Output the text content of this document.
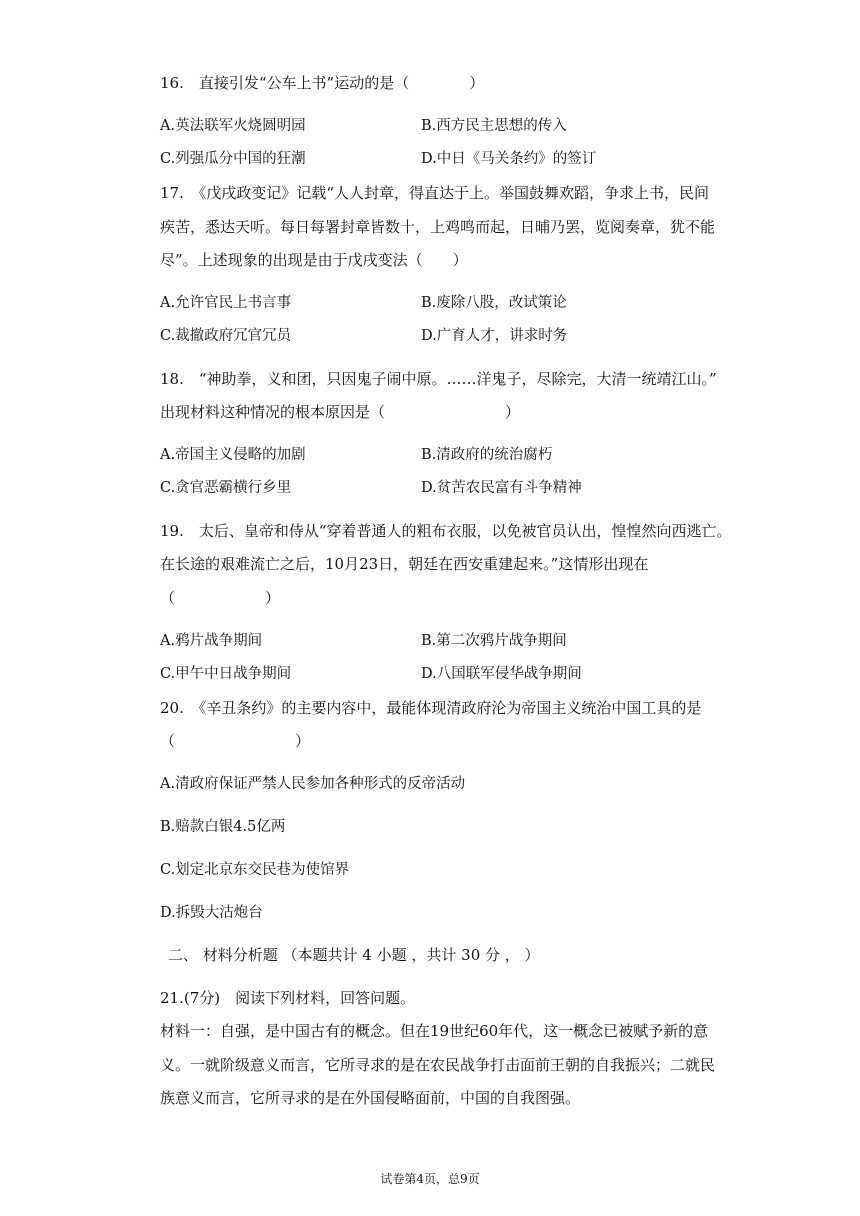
16.　直接引发“公车上书”运动的是（　　　　）
A.英法联军火烧圆明园	B.西方民主思想的传入
C.列强瓜分中国的狂潮	D.中日《马关条约》的签订
17.　《戊戌政变记》记载“人人封章，得直达于上。举国鼓舞欢蹈，争求上书，民间
疾苦，悉达天听。每日每署封章皆数十，上鸡鸣而起，日晡乃罢，览阅奏章，犹不能
尽”。上述现象的出现是由于戊戌变法（　　）
A.允许官民上书言事	B.废除八股，改试策论
C.裁撤政府冗官冗员	D.广育人才，讲求时务
18.　“神助拳，义和团，只因鬼子闹中原。……洋鬼子，尽除完，大清一统靖江山。”
出现材料这种情况的根本原因是（　　　　　　　　）
A.帝国主义侵略的加剧	B.清政府的统治腐朽
C.贪官恶霸横行乡里	D.贫苦农民富有斗争精神
19.　太后、皇帝和侍从“穿着普通人的粗布衣服，以免被官员认出，惶惶然向西逃亡。
在长途的艰难流亡之后，10月23日，朝廷在西安重建起来。”这情形出现在
（　　　　　　）
A.鸦片战争期间	B.第二次鸦片战争期间
C.甲午中日战争期间	D.八国联军侵华战争期间
20.　《辛丑条约》的主要内容中，最能体现清政府沦为帝国主义统治中国工具的是
（　　　　　　　　）
A.清政府保证严禁人民参加各种形式的反帝活动
B.赔款白银4.5亿两
C.划定北京东交民巷为使馆界
D.拆毁大沽炮台
二、 材料分析题 （本题共计 4 小题 ，共计 30 分 ， ）
21.(7分)　阅读下列材料，回答问题。
材料一：自强，是中国古有的概念。但在19世纪60年代，这一概念已被赋予新的意
义。一就阶级意义而言，它所寻求的是在农民战争打击面前王朝的自我振兴；二就民
族意义而言，它所寻求的是在外国侵略面前，中国的自我图强。
试卷第4页，总9页
